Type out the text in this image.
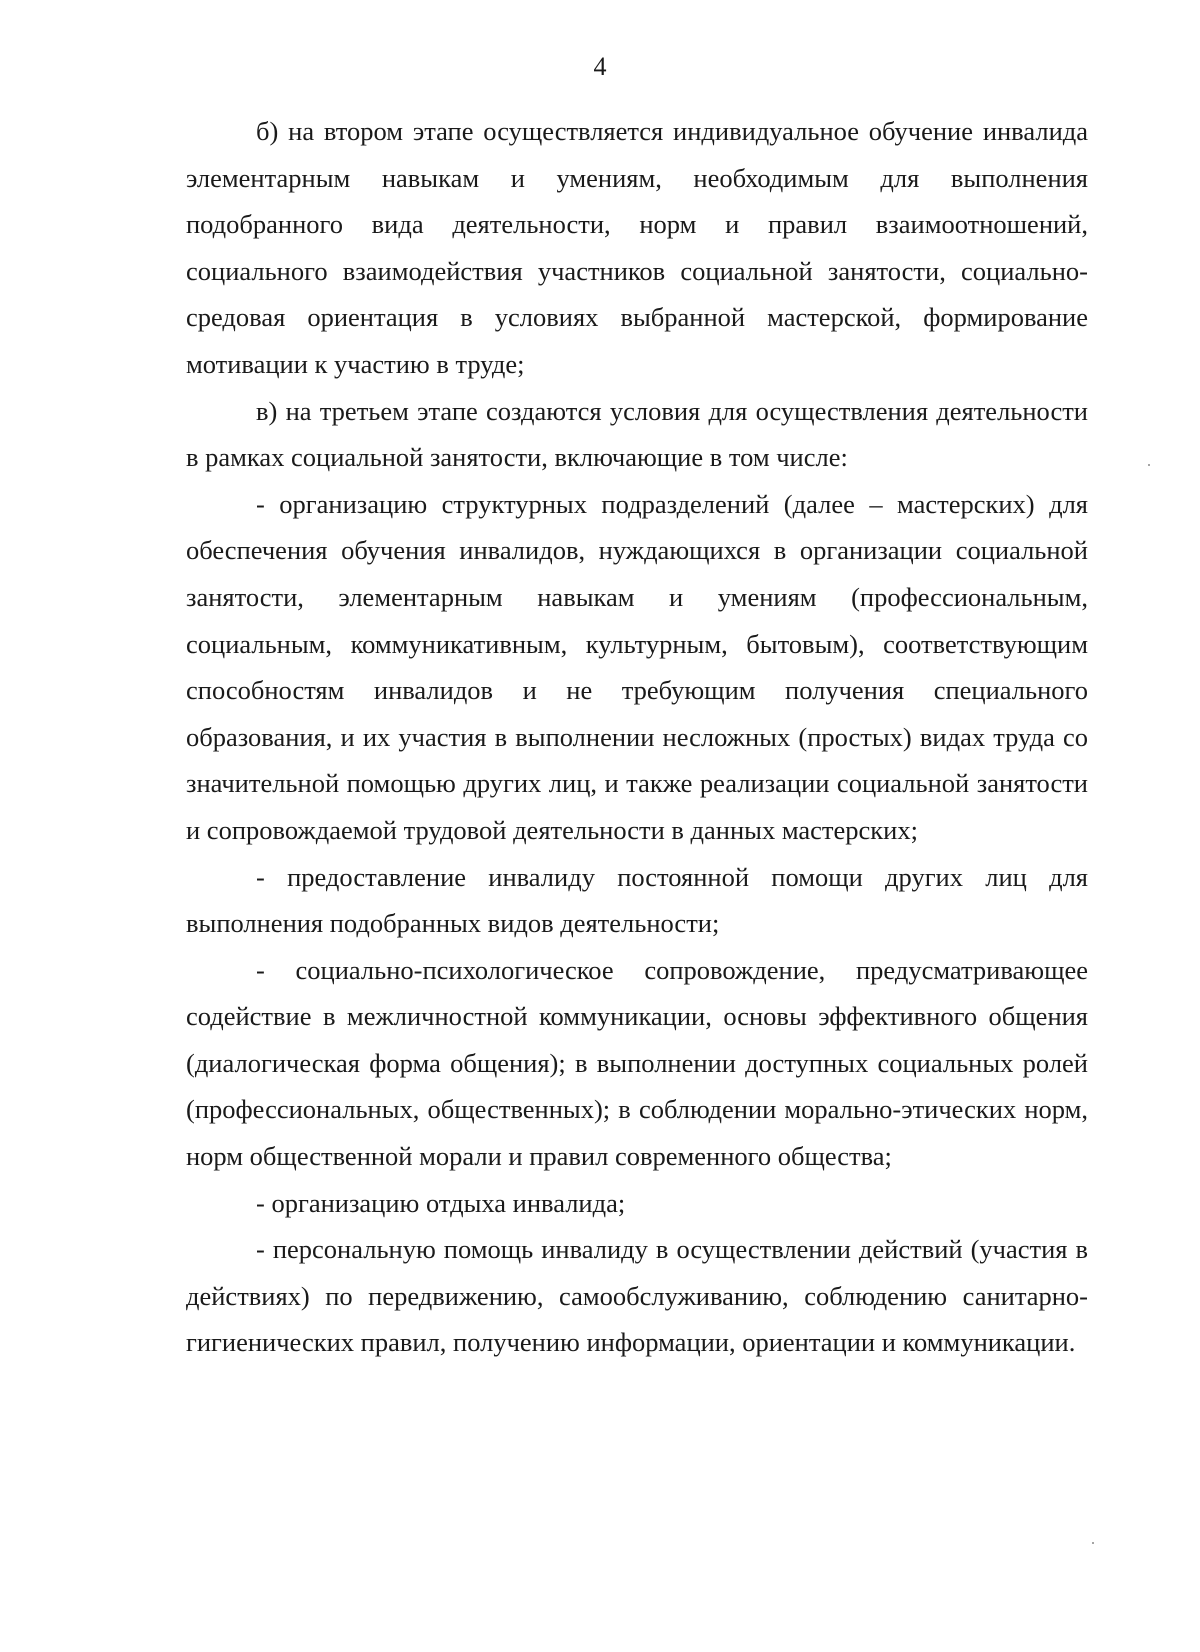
4

б) на втором этапе осуществляется индивидуальное обучение инвалида элементарным навыкам и умениям, необходимым для выполнения подобранного вида деятельности, норм и правил взаимоотношений, социального взаимодействия участников социальной занятости, социально-средовая ориентация в условиях выбранной мастерской, формирование мотивации к участию в труде;

в) на третьем этапе создаются условия для осуществления деятельности в рамках социальной занятости, включающие в том числе:

- организацию структурных подразделений (далее – мастерских) для обеспечения обучения инвалидов, нуждающихся в организации социальной занятости, элементарным навыкам и умениям (профессиональным, социальным, коммуникативным, культурным, бытовым), соответствующим способностям инвалидов и не требующим получения специального образования, и их участия в выполнении несложных (простых) видах труда со значительной помощью других лиц, и также реализации социальной занятости и сопровождаемой трудовой деятельности в данных мастерских;

- предоставление инвалиду постоянной помощи других лиц для выполнения подобранных видов деятельности;

- социально-психологическое сопровождение, предусматривающее содействие в межличностной коммуникации, основы эффективного общения (диалогическая форма общения); в выполнении доступных социальных ролей (профессиональных, общественных); в соблюдении морально-этических норм, норм общественной морали и правил современного общества;

- организацию отдыха инвалида;

- персональную помощь инвалиду в осуществлении действий (участия в действиях) по передвижению, самообслуживанию, соблюдению санитарно-гигиенических правил, получению информации, ориентации и коммуникации.
